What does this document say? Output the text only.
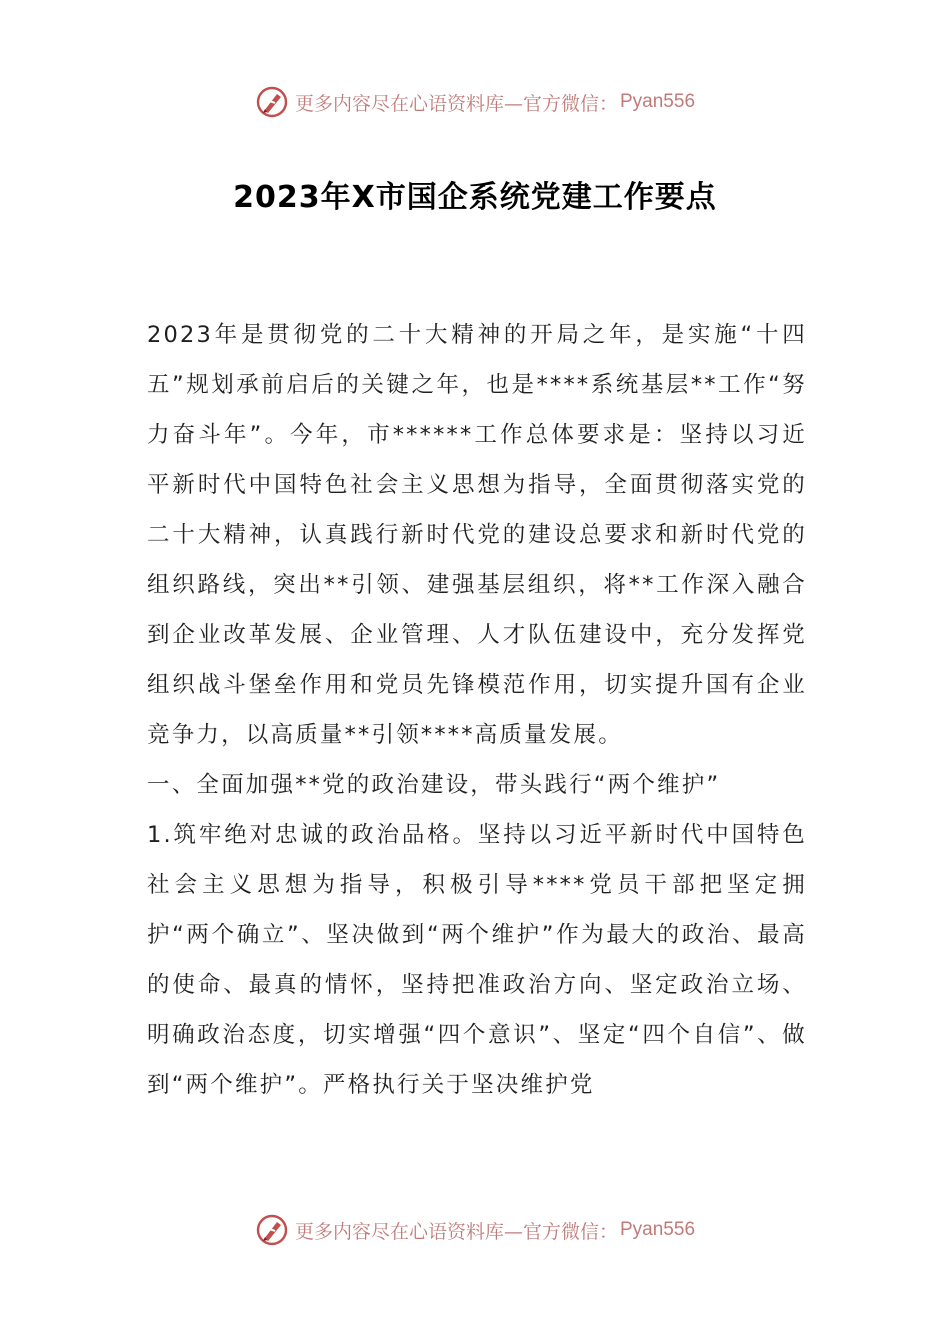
更多内容尽在心语资料库—官方微信： Pyan556
2023年X市国企系统党建工作要点

2023年是贯彻党的二十大精神的开局之年，是实施“十四五”规划承前启后的关键之年，也是****系统基层**工作“努力奋斗年”。今年，市******工作总体要求是：坚持以习近平新时代中国特色社会主义思想为指导，全面贯彻落实党的二十大精神，认真践行新时代党的建设总要求和新时代党的组织路线，突出**引领、建强基层组织，将**工作深入融合到企业改革发展、企业管理、人才队伍建设中，充分发挥党组织战斗堡垒作用和党员先锋模范作用，切实提升国有企业竞争力，以高质量**引领****高质量发展。

一、全面加强**党的政治建设，带头践行“两个维护”

1.筑牢绝对忠诚的政治品格。坚持以习近平新时代中国特色社会主义思想为指导，积极引导****党员干部把坚定拥护“两个确立”、坚决做到“两个维护”作为最大的政治、最高的使命、最真的情怀，坚持把准政治方向、坚定政治立场、明确政治态度，切实增强“四个意识”、坚定“四个自信”、做到“两个维护”。严格执行关于坚决维护党

更多内容尽在心语资料库—官方微信： Pyan556
